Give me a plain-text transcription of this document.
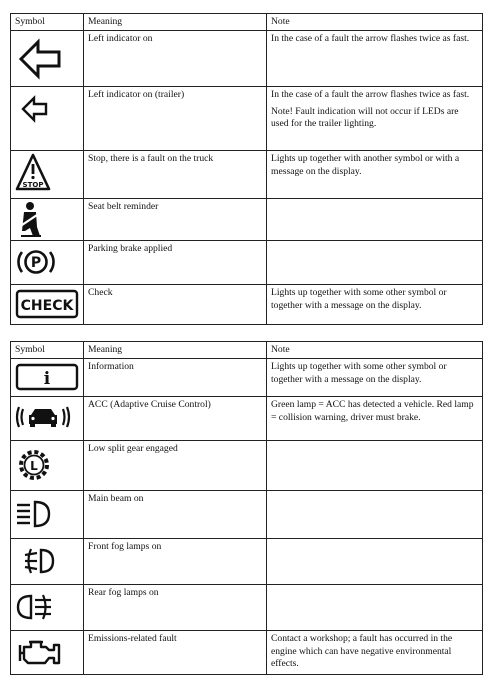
Symbol	Meaning	Note

	Left indicator on	In the case of a fault the arrow flashes twice as fast.

	Left indicator on (trailer)	In the case of a fault the arrow flashes twice as fast.
Note! Fault indication will not occur if LEDs are used for the trailer lighting.

STOP	Stop, there is a fault on the truck	Lights up together with another symbol or with a message on the display.

	Seat belt reminder	

P	Parking brake applied	

CHECK	Check	Lights up together with some other symbol or together with a message on the display.
Symbol	Meaning	Note

i	Information	Lights up together with some other symbol or together with a message on the display.

	ACC (Adaptive Cruise Control)	Green lamp = ACC has detected a vehicle. Red lamp = collision warning, driver must brake.

L	Low split gear engaged	

	Main beam on	

	Front fog lamps on	

	Rear fog lamps on	

	Emissions-related fault	Contact a workshop; a fault has occurred in the engine which can have negative environmental effects.
